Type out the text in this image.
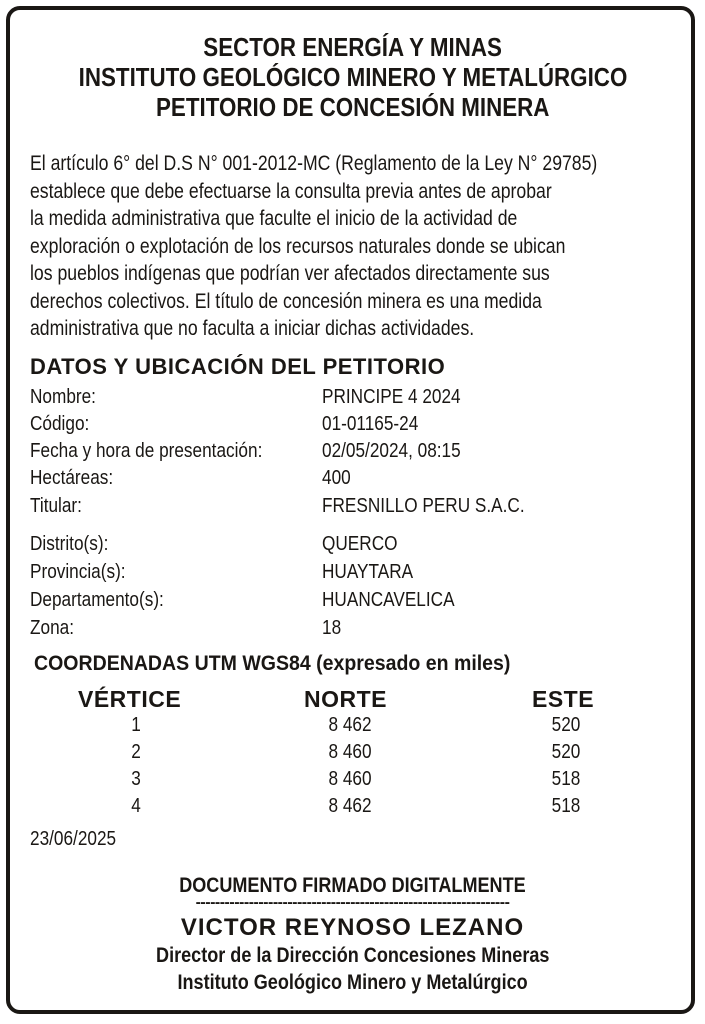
SECTOR ENERGÍA Y MINAS
INSTITUTO GEOLÓGICO MINERO Y METALÚRGICO
PETITORIO DE CONCESIÓN MINERA
El artículo 6° del D.S N° 001-2012-MC (Reglamento de la Ley N° 29785)
establece que debe efectuarse la consulta previa antes de aprobar
la medida administrativa que faculte el inicio de la actividad de
exploración o explotación de los recursos naturales donde se ubican
los pueblos indígenas que podrían ver afectados directamente sus
derechos colectivos. El título de concesión minera es una medida
administrativa que no faculta a iniciar dichas actividades.
DATOS Y UBICACIÓN DEL PETITORIO
Nombre:	PRINCIPE 4 2024
Código:	01-01165-24
Fecha y hora de presentación:	02/05/2024, 08:15
Hectáreas:	400
Titular:	FRESNILLO PERU S.A.C.
Distrito(s):	QUERCO
Provincia(s):	HUAYTARA
Departamento(s):	HUANCAVELICA
Zona:	18
COORDENADAS UTM WGS84 (expresado en miles)
VÉRTICE	NORTE	ESTE
1	8 462	520
2	8 460	520
3	8 460	518
4	8 462	518
23/06/2025
DOCUMENTO FIRMADO DIGITALMENTE
-----------------------------------------------------------------
VICTOR REYNOSO LEZANO
Director de la Dirección Concesiones Mineras
Instituto Geológico Minero y Metalúrgico
